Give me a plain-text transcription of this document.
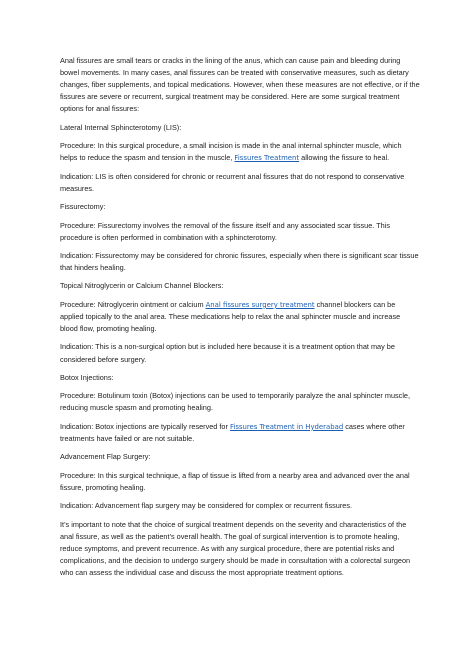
Anal fissures are small tears or cracks in the lining of the anus, which can cause pain and bleeding during bowel movements. In many cases, anal fissures can be treated with conservative measures, such as dietary changes, fiber supplements, and topical medications. However, when these measures are not effective, or if the fissures are severe or recurrent, surgical treatment may be considered. Here are some surgical treatment options for anal fissures:

Lateral Internal Sphincterotomy (LIS):

Procedure: In this surgical procedure, a small incision is made in the anal internal sphincter muscle, which helps to reduce the spasm and tension in the muscle, Fissures Treatment allowing the fissure to heal.

Indication: LIS is often considered for chronic or recurrent anal fissures that do not respond to conservative measures.

Fissurectomy:

Procedure: Fissurectomy involves the removal of the fissure itself and any associated scar tissue. This procedure is often performed in combination with a sphincterotomy.

Indication: Fissurectomy may be considered for chronic fissures, especially when there is significant scar tissue that hinders healing.

Topical Nitroglycerin or Calcium Channel Blockers:

Procedure: Nitroglycerin ointment or calcium Anal fissures surgery treatment channel blockers can be applied topically to the anal area. These medications help to relax the anal sphincter muscle and increase blood flow, promoting healing.

Indication: This is a non-surgical option but is included here because it is a treatment option that may be considered before surgery.

Botox Injections:

Procedure: Botulinum toxin (Botox) injections can be used to temporarily paralyze the anal sphincter muscle, reducing muscle spasm and promoting healing.

Indication: Botox injections are typically reserved for Fissures Treatment in Hyderabad cases where other treatments have failed or are not suitable.

Advancement Flap Surgery:

Procedure: In this surgical technique, a flap of tissue is lifted from a nearby area and advanced over the anal fissure, promoting healing.

Indication: Advancement flap surgery may be considered for complex or recurrent fissures.

It’s important to note that the choice of surgical treatment depends on the severity and characteristics of the anal fissure, as well as the patient’s overall health. The goal of surgical intervention is to promote healing, reduce symptoms, and prevent recurrence. As with any surgical procedure, there are potential risks and complications, and the decision to undergo surgery should be made in consultation with a colorectal surgeon who can assess the individual case and discuss the most appropriate treatment options.
